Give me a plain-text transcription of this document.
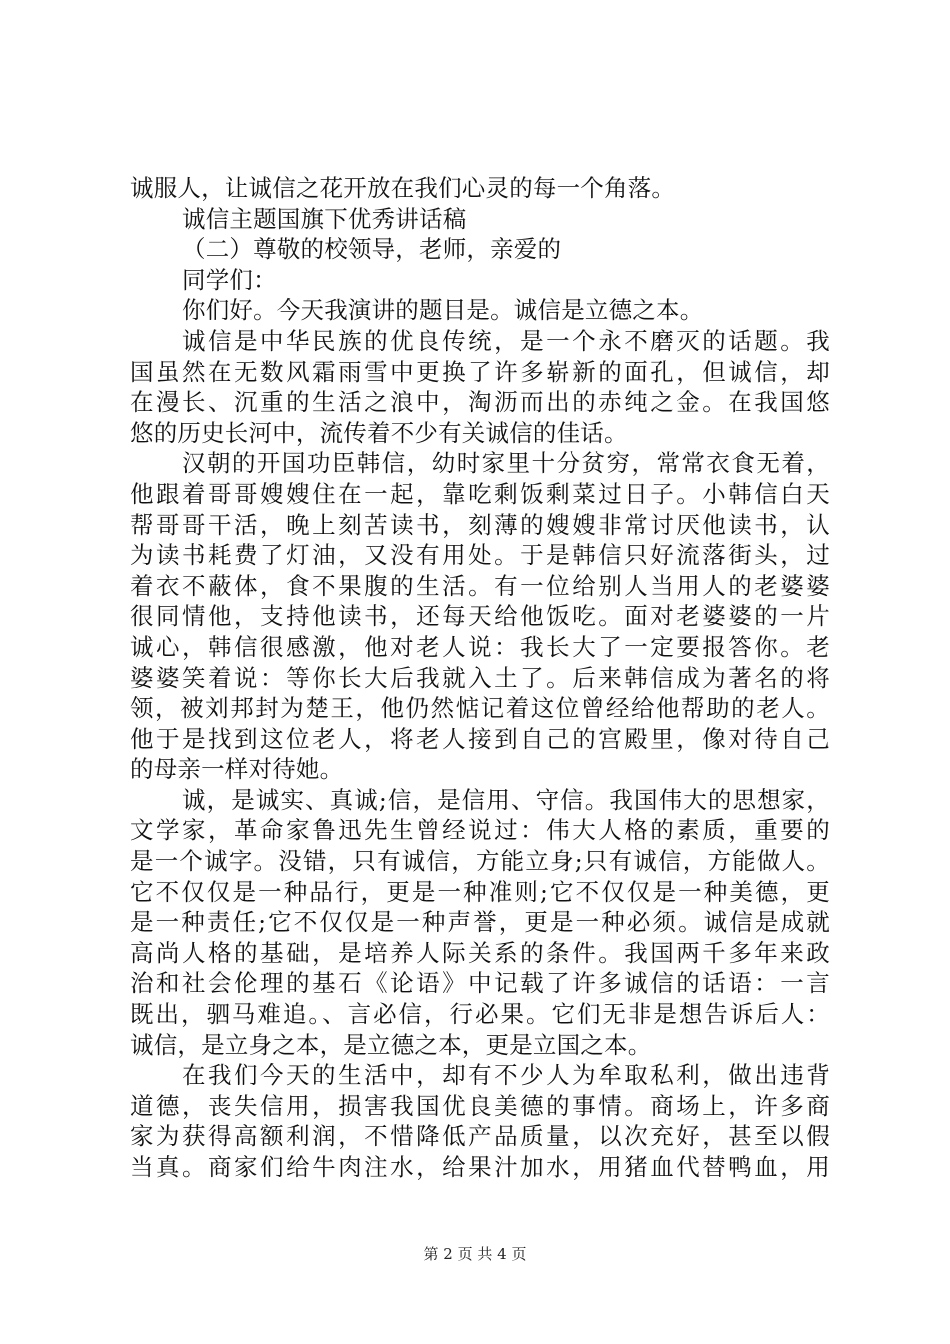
诚服人，让诚信之花开放在我们心灵的每一个角落。
诚信主题国旗下优秀讲话稿
（二）尊敬的校领导，老师，亲爱的
同学们：
你们好。今天我演讲的题目是。诚信是立德之本。
诚信是中华民族的优良传统，是一个永不磨灭的话题。我
国虽然在无数风霜雨雪中更换了许多崭新的面孔，但诚信，却
在漫长、沉重的生活之浪中，淘沥而出的赤纯之金。在我国悠
悠的历史长河中，流传着不少有关诚信的佳话。
汉朝的开国功臣韩信，幼时家里十分贫穷，常常衣食无着，
他跟着哥哥嫂嫂住在一起，靠吃剩饭剩菜过日子。小韩信白天
帮哥哥干活，晚上刻苦读书，刻薄的嫂嫂非常讨厌他读书，认
为读书耗费了灯油，又没有用处。于是韩信只好流落街头，过
着衣不蔽体，食不果腹的生活。有一位给别人当用人的老婆婆
很同情他，支持他读书，还每天给他饭吃。面对老婆婆的一片
诚心，韩信很感激，他对老人说：我长大了一定要报答你。老
婆婆笑着说：等你长大后我就入土了。后来韩信成为著名的将
领，被刘邦封为楚王，他仍然惦记着这位曾经给他帮助的老人。
他于是找到这位老人，将老人接到自己的宫殿里，像对待自己
的母亲一样对待她。
诚，是诚实、真诚;信，是信用、守信。我国伟大的思想家，
文学家，革命家鲁迅先生曾经说过：伟大人格的素质，重要的
是一个诚字。没错，只有诚信，方能立身;只有诚信，方能做人。
它不仅仅是一种品行，更是一种准则;它不仅仅是一种美德，更
是一种责任;它不仅仅是一种声誉，更是一种必须。诚信是成就
高尚人格的基础，是培养人际关系的条件。我国两千多年来政
治和社会伦理的基石《论语》中记载了许多诚信的话语：一言
既出，驷马难追。、言必信，行必果。它们无非是想告诉后人：
诚信，是立身之本，是立德之本，更是立国之本。
在我们今天的生活中，却有不少人为牟取私利，做出违背
道德，丧失信用，损害我国优良美德的事情。商场上，许多商
家为获得高额利润，不惜降低产品质量，以次充好，甚至以假
当真。商家们给牛肉注水，给果汁加水，用猪血代替鸭血，用
第 2 页 共 4 页
